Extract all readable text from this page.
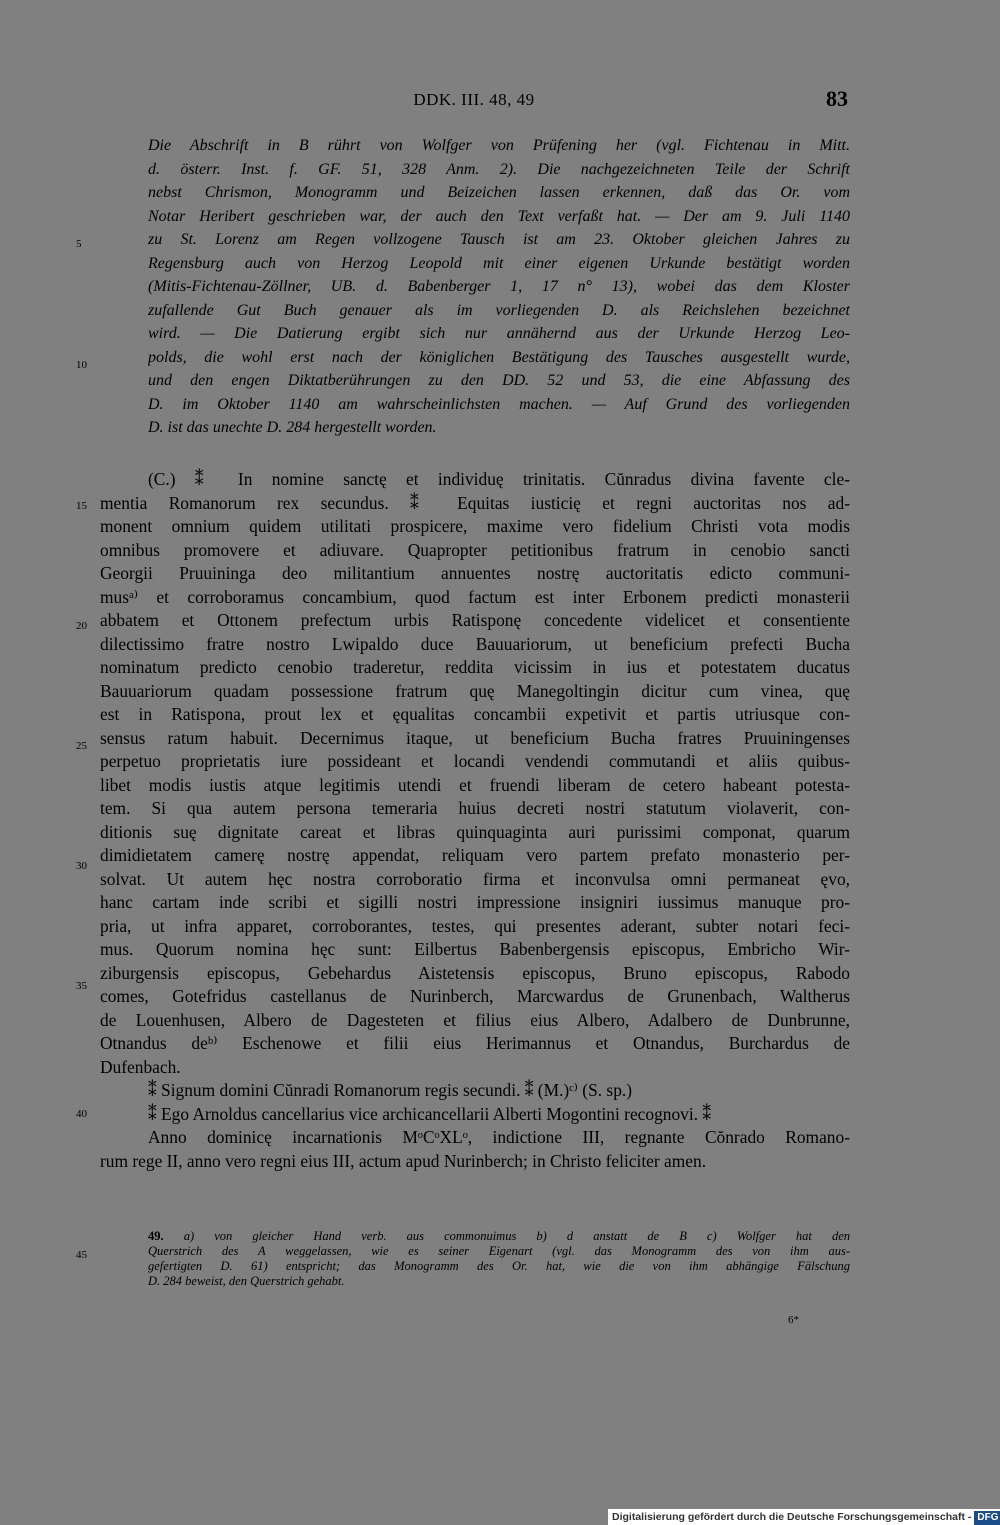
DDK. III. 48, 49	83
Die Abschrift in B rührt von Wolfger von Prüfening her (vgl. Fichtenau in Mitt.
d. österr. Inst. f. GF. 51, 328 Anm. 2). Die nachgezeichneten Teile der Schrift
nebst Chrismon, Monogramm und Beizeichen lassen erkennen, daß das Or. vom
Notar Heribert geschrieben war, der auch den Text verfaßt hat. — Der am 9. Juli 1140
zu St. Lorenz am Regen vollzogene Tausch ist am 23. Oktober gleichen Jahres zu
Regensburg auch von Herzog Leopold mit einer eigenen Urkunde bestätigt worden
(Mitis-Fichtenau-Zöllner, UB. d. Babenberger 1, 17 n° 13), wobei das dem Kloster
zufallende Gut Buch genauer als im vorliegenden D. als Reichslehen bezeichnet
wird. — Die Datierung ergibt sich nur annähernd aus der Urkunde Herzog Leo-
polds, die wohl erst nach der königlichen Bestätigung des Tausches ausgestellt wurde,
und den engen Diktatberührungen zu den DD. 52 und 53, die eine Abfassung des
D. im Oktober 1140 am wahrscheinlichsten machen. — Auf Grund des vorliegenden
D. ist das unechte D. 284 hergestellt worden.
(C.) ⁑ In nomine sanctę et individuę trinitatis. Cŭnradus divina favente cle-
mentia Romanorum rex secundus. ⁑ Equitas iusticię et regni auctoritas nos ad-
monent omnium quidem utilitati prospicere, maxime vero fidelium Christi vota modis
omnibus promovere et adiuvare. Quapropter petitionibus fratrum in cenobio sancti
Georgii Pruuininga deo militantium annuentes nostrę auctoritatis edicto communi-
musᵃ⁾ et corroboramus concambium, quod factum est inter Erbonem predicti monasterii
abbatem et Ottonem prefectum urbis Ratisponę concedente videlicet et consentiente
dilectissimo fratre nostro Lwipaldo duce Bauuariorum, ut beneficium prefecti Bucha
nominatum predicto cenobio traderetur, reddita vicissim in ius et potestatem ducatus
Bauuariorum quadam possessione fratrum quę Manegoltingin dicitur cum vinea, quę
est in Ratispona, prout lex et ęqualitas concambii expetivit et partis utriusque con-
sensus ratum habuit. Decernimus itaque, ut beneficium Bucha fratres Pruuiningenses
perpetuo proprietatis iure possideant et locandi vendendi commutandi et aliis quibus-
libet modis iustis atque legitimis utendi et fruendi liberam de cetero habeant potesta-
tem. Si qua autem persona temeraria huius decreti nostri statutum violaverit, con-
ditionis suę dignitate careat et libras quinquaginta auri purissimi componat, quarum
dimidietatem camerę nostrę appendat, reliquam vero partem prefato monasterio per-
solvat. Ut autem hęc nostra corroboratio firma et inconvulsa omni permaneat ęvo,
hanc cartam inde scribi et sigilli nostri impressione insigniri iussimus manuque pro-
pria, ut infra apparet, corroborantes, testes, qui presentes aderant, subter notari feci-
mus. Quorum nomina hęc sunt: Eilbertus Babenbergensis episcopus, Embricho Wir-
ziburgensis episcopus, Gebehardus Aistetensis episcopus, Bruno episcopus, Rabodo
comes, Gotefridus castellanus de Nurinberch, Marcwardus de Grunenbach, Waltherus
de Louenhusen, Albero de Dagesteten et filius eius Albero, Adalbero de Dunbrunne,
Otnandus deᵇ⁾ Eschenowe et filii eius Herimannus et Otnandus, Burchardus de
Dufenbach.
⁑ Signum domini Cŭnradi Romanorum regis secundi. ⁑ (M.)ᶜ⁾ (S. sp.)
⁑ Ego Arnoldus cancellarius vice archicancellarii Alberti Mogontini recognovi. ⁑
Anno dominicę incarnationis MᵒCᵒXLᵒ, indictione III, regnante Cŏnrado Romano-
rum rege II, anno vero regni eius III, actum apud Nurinberch; in Christo feliciter amen.
49. a) von gleicher Hand verb. aus commonuimus b) d anstatt de B c) Wolfger hat den
Querstrich des A weggelassen, wie es seiner Eigenart (vgl. das Monogramm des von ihm aus-
gefertigten D. 61) entspricht; das Monogramm des Or. hat, wie die von ihm abhängige Fälschung
D. 284 beweist, den Querstrich gehabt.
6*
5
10
15
20
25
30
35
40
45
Digitalisierung gefördert durch die Deutsche Forschungsgemeinschaft - DFG
